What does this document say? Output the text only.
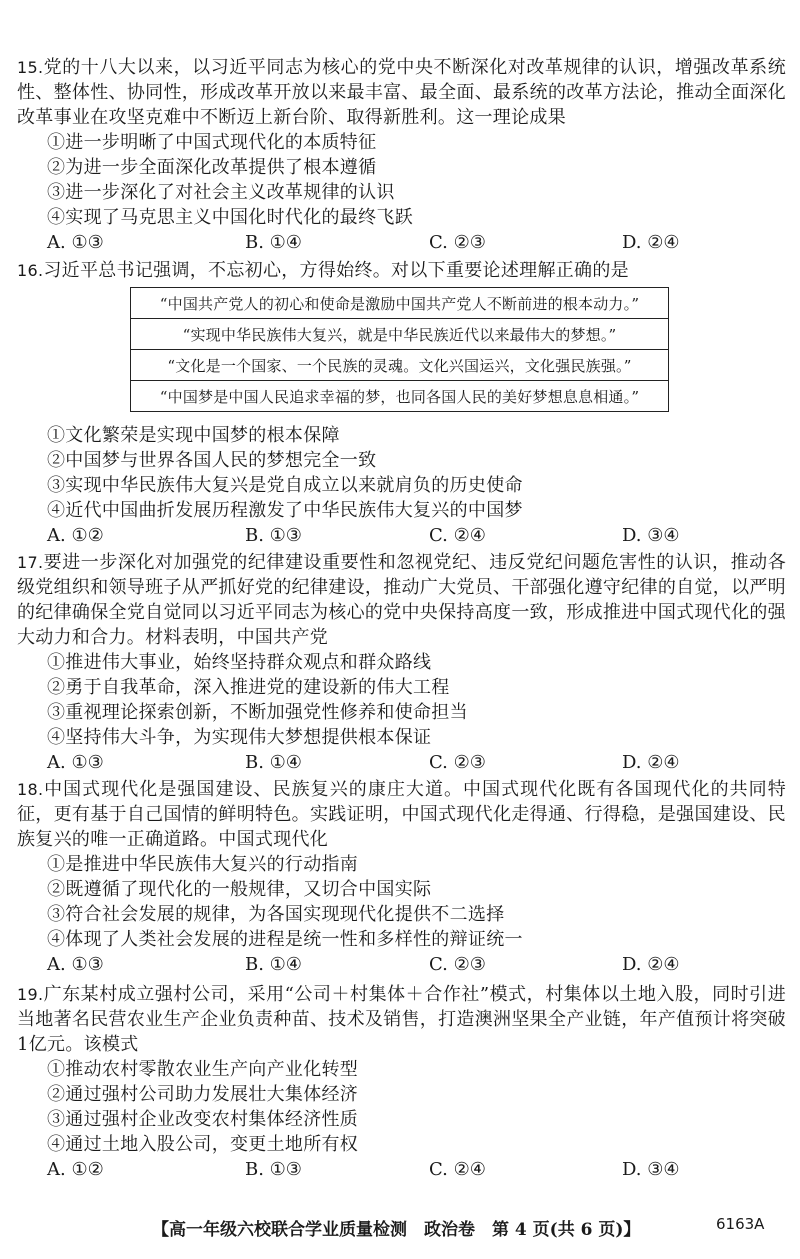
15.党的十八大以来，以习近平同志为核心的党中央不断深化对改革规律的认识，增强改革系统性、整体性、协同性，形成改革开放以来最丰富、最全面、最系统的改革方法论，推动全面深化改革事业在攻坚克难中不断迈上新台阶、取得新胜利。这一理论成果

①进一步明晰了中国式现代化的本质特征

②为进一步全面深化改革提供了根本遵循

③进一步深化了对社会主义改革规律的认识

④实现了马克思主义中国化时代化的最终飞跃

A. ①③	B. ①④	C. ②③	D. ②④

16.习近平总书记强调，不忘初心，方得始终。对以下重要论述理解正确的是

“中国共产党人的初心和使命是激励中国共产党人不断前进的根本动力。”
“实现中华民族伟大复兴，就是中华民族近代以来最伟大的梦想。”
“文化是一个国家、一个民族的灵魂。文化兴国运兴，文化强民族强。”
“中国梦是中国人民追求幸福的梦，也同各国人民的美好梦想息息相通。”

①文化繁荣是实现中国梦的根本保障

②中国梦与世界各国人民的梦想完全一致

③实现中华民族伟大复兴是党自成立以来就肩负的历史使命

④近代中国曲折发展历程激发了中华民族伟大复兴的中国梦

A. ①②	B. ①③	C. ②④	D. ③④

17.要进一步深化对加强党的纪律建设重要性和忽视党纪、违反党纪问题危害性的认识，推动各级党组织和领导班子从严抓好党的纪律建设，推动广大党员、干部强化遵守纪律的自觉，以严明的纪律确保全党自觉同以习近平同志为核心的党中央保持高度一致，形成推进中国式现代化的强大动力和合力。材料表明，中国共产党

①推进伟大事业，始终坚持群众观点和群众路线

②勇于自我革命，深入推进党的建设新的伟大工程

③重视理论探索创新，不断加强党性修养和使命担当

④坚持伟大斗争，为实现伟大梦想提供根本保证

A. ①③	B. ①④	C. ②③	D. ②④

18.中国式现代化是强国建设、民族复兴的康庄大道。中国式现代化既有各国现代化的共同特征，更有基于自己国情的鲜明特色。实践证明，中国式现代化走得通、行得稳，是强国建设、民族复兴的唯一正确道路。中国式现代化

①是推进中华民族伟大复兴的行动指南

②既遵循了现代化的一般规律，又切合中国实际

③符合社会发展的规律，为各国实现现代化提供不二选择

④体现了人类社会发展的进程是统一性和多样性的辩证统一

A. ①③	B. ①④	C. ②③	D. ②④

19.广东某村成立强村公司，采用“公司＋村集体＋合作社”模式，村集体以土地入股，同时引进当地著名民营农业生产企业负责种苗、技术及销售，打造澳洲坚果全产业链，年产值预计将突破1亿元。该模式

①推动农村零散农业生产向产业化转型

②通过强村公司助力发展壮大集体经济

③通过强村企业改变农村集体经济性质

④通过土地入股公司，变更土地所有权

A. ①②	B. ①③	C. ②④	D. ③④
【高一年级六校联合学业质量检测　政治卷　第 4 页(共 6 页)】	6163A
